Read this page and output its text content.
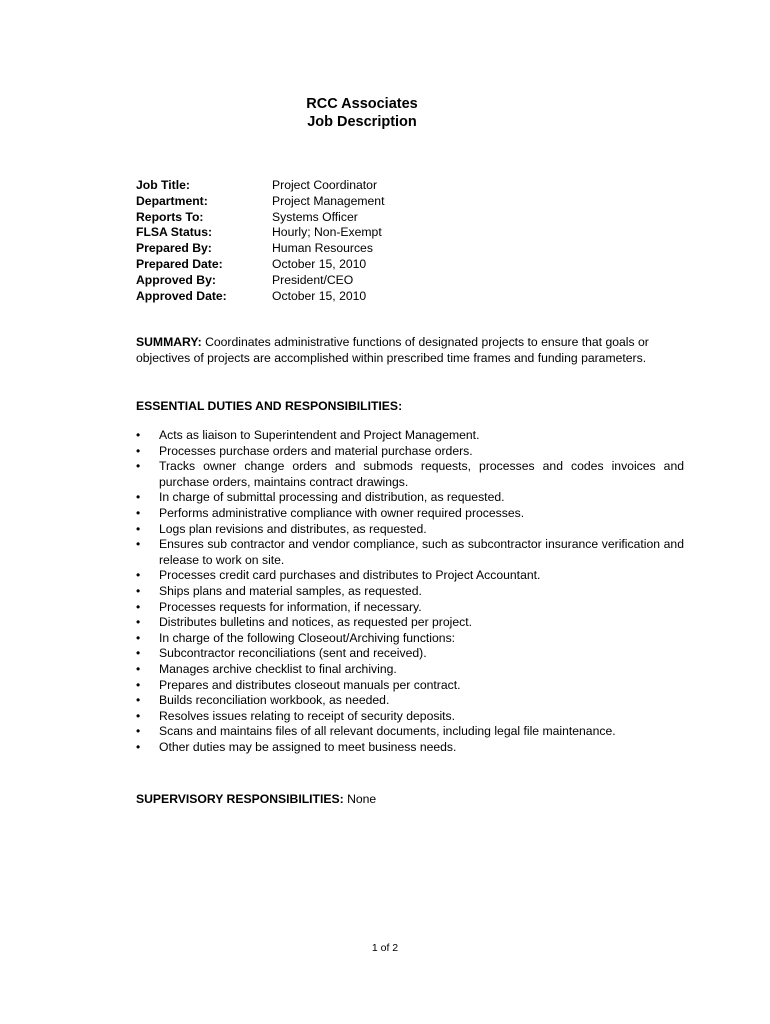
RCC Associates
Job Description
Job Title:	Project Coordinator
Department:	Project Management
Reports To:	Systems Officer
FLSA Status:	Hourly; Non-Exempt
Prepared By:	Human Resources
Prepared Date:	October 15, 2010
Approved By:	President/CEO
Approved Date:	October 15, 2010
SUMMARY: Coordinates administrative functions of designated projects to ensure that goals or objectives of projects are accomplished within prescribed time frames and funding parameters.
ESSENTIAL DUTIES AND RESPONSIBILITIES:
•	Acts as liaison to Superintendent and Project Management.
•	Processes purchase orders and material purchase orders.
•	Tracks owner change orders and submods requests, processes and codes invoices and purchase orders, maintains contract drawings.
•	In charge of submittal processing and distribution, as requested.
•	Performs administrative compliance with owner required processes.
•	Logs plan revisions and distributes, as requested.
•	Ensures sub contractor and vendor compliance, such as subcontractor insurance verification and release to work on site.
•	Processes credit card purchases and distributes to Project Accountant.
•	Ships plans and material samples, as requested.
•	Processes requests for information, if necessary.
•	Distributes bulletins and notices, as requested per project.
•	In charge of the following Closeout/Archiving functions:
•	Subcontractor reconciliations (sent and received).
•	Manages archive checklist to final archiving.
•	Prepares and distributes closeout manuals per contract.
•	Builds reconciliation workbook, as needed.
•	Resolves issues relating to receipt of security deposits.
•	Scans and maintains files of all relevant documents, including legal file maintenance.
•	Other duties may be assigned to meet business needs.
SUPERVISORY RESPONSIBILITIES: None
1 of 2
